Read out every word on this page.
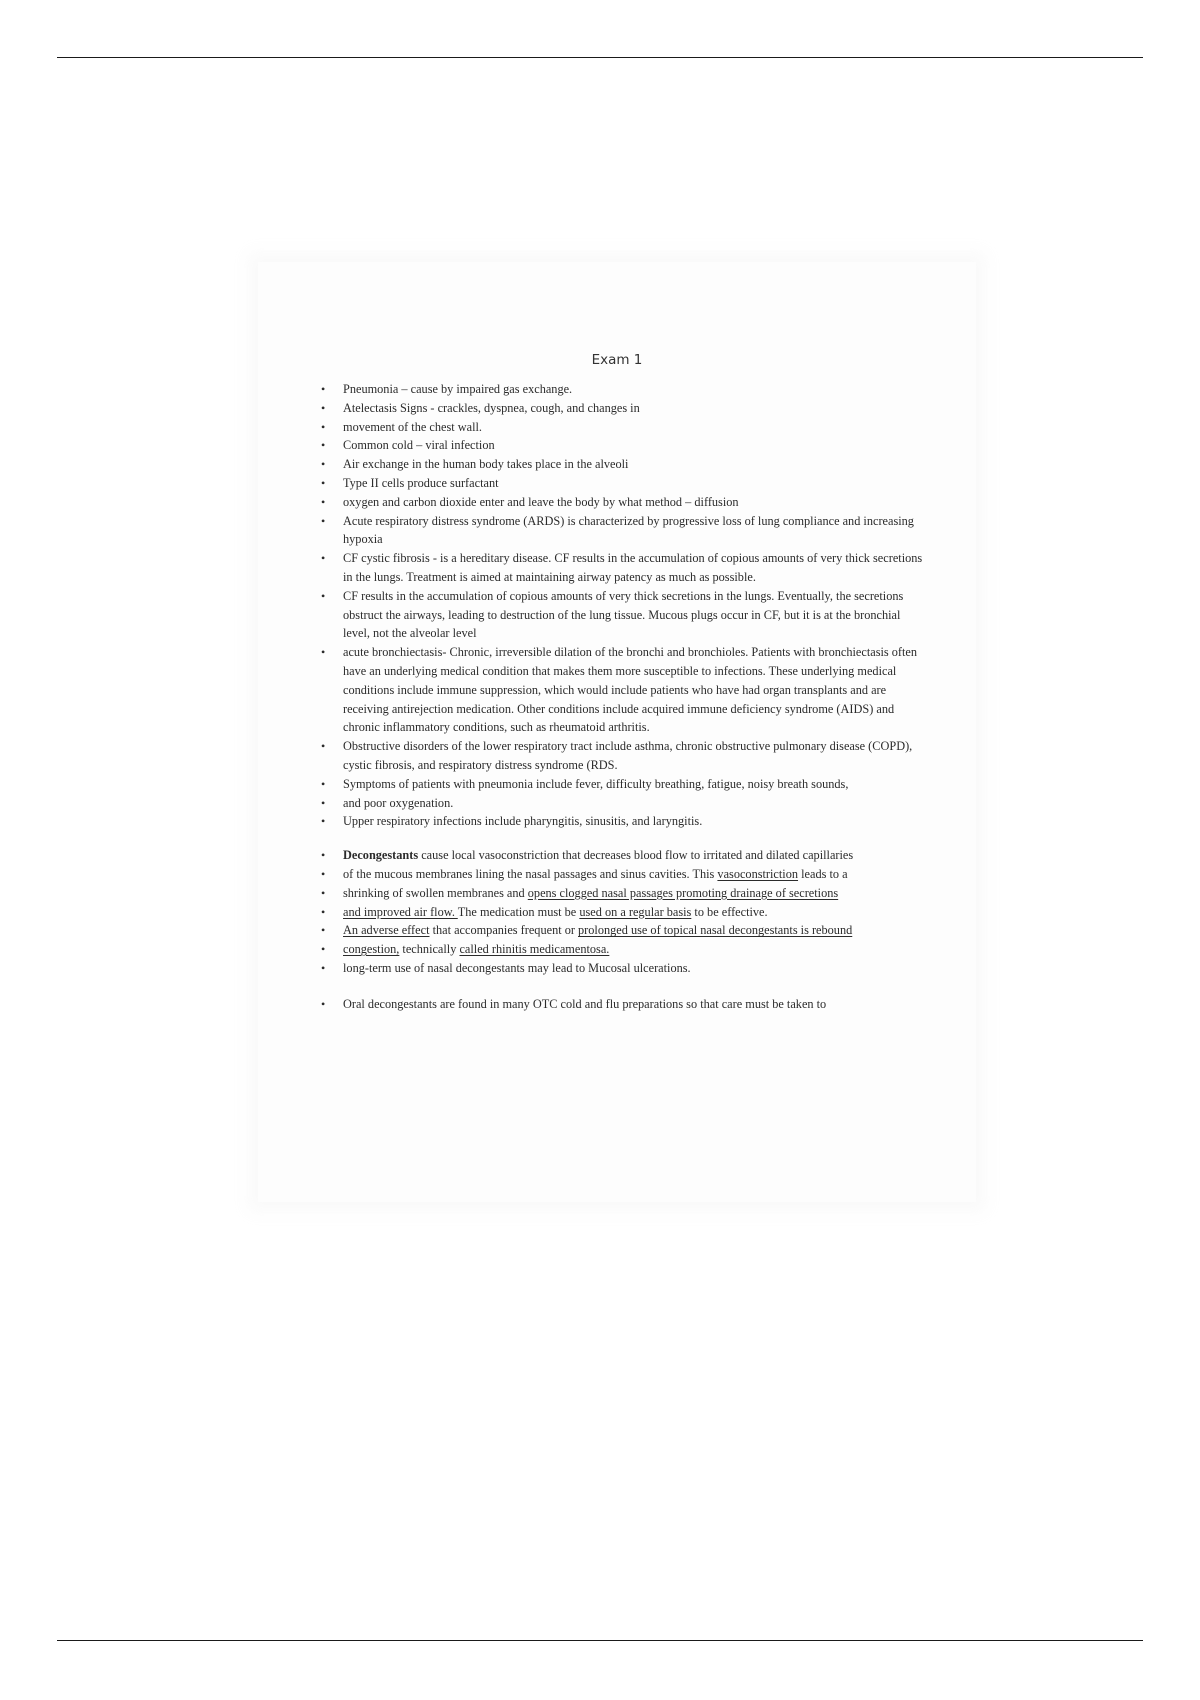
Exam 1
• Pneumonia – cause by impaired gas exchange.
• Atelectasis Signs - crackles, dyspnea, cough, and changes in
• movement of the chest wall.
• Common cold – viral infection
• Air exchange in the human body takes place in the alveoli
• Type II cells produce surfactant
• oxygen and carbon dioxide enter and leave the body by what method – diffusion
• Acute respiratory distress syndrome (ARDS) is characterized by progressive loss of lung compliance and increasing hypoxia
• CF cystic fibrosis - is a hereditary disease. CF results in the accumulation of copious amounts of very thick secretions in the lungs. Treatment is aimed at maintaining airway patency as much as possible.
• CF results in the accumulation of copious amounts of very thick secretions in the lungs. Eventually, the secretions obstruct the airways, leading to destruction of the lung tissue. Mucous plugs occur in CF, but it is at the bronchial level, not the alveolar level
• acute bronchiectasis- Chronic, irreversible dilation of the bronchi and bronchioles. Patients with bronchiectasis often have an underlying medical condition that makes them more susceptible to infections. These underlying medical conditions include immune suppression, which would include patients who have had organ transplants and are receiving antirejection medication. Other conditions include acquired immune deficiency syndrome (AIDS) and chronic inflammatory conditions, such as rheumatoid arthritis.
• Obstructive disorders of the lower respiratory tract include asthma, chronic obstructive pulmonary disease (COPD), cystic fibrosis, and respiratory distress syndrome (RDS.
• Symptoms of patients with pneumonia include fever, difficulty breathing, fatigue, noisy breath sounds,
• and poor oxygenation.
• Upper respiratory infections include pharyngitis, sinusitis, and laryngitis.
• Decongestants cause local vasoconstriction that decreases blood flow to irritated and dilated capillaries
• of the mucous membranes lining the nasal passages and sinus cavities. This vasoconstriction leads to a
• shrinking of swollen membranes and opens clogged nasal passages promoting drainage of secretions
• and improved air flow. The medication must be used on a regular basis to be effective.
• An adverse effect that accompanies frequent or prolonged use of topical nasal decongestants is rebound
• congestion, technically called rhinitis medicamentosa.
• long-term use of nasal decongestants may lead to Mucosal ulcerations.
• Oral decongestants are found in many OTC cold and flu preparations so that care must be taken to
